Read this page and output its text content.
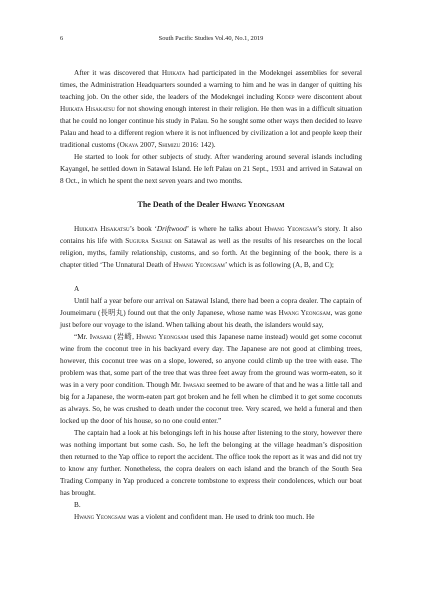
6	South Pacific Studies Vol.40, No.1, 2019

After it was discovered that Hijikata had participated in the Modekngei assemblies for several times, the Administration Headquarters sounded a warning to him and he was in danger of quitting his teaching job. On the other side, the leaders of the Modekngei including Kodep were discontent about Hijikata Hisakatsu for not showing enough interest in their religion. He then was in a difficult situation that he could no longer continue his study in Palau. So he sought some other ways then decided to leave Palau and head to a different region where it is not influenced by civilization a lot and people keep their traditional customs (Okaya 2007, Shimizu 2016: 142).

He started to look for other subjects of study. After wandering around several islands including Kayangel, he settled down in Satawal Island. He left Palau on 21 Sept., 1931 and arrived in Satawal on 8 Oct., in which he spent the next seven years and two months.

The Death of the Dealer Hwang Yeongsam

Hijikata Hisakatsu’s book ‘Driftwood’ is where he talks about Hwang Yeongsam’s story. It also contains his life with Sugiura Sasuke on Satawal as well as the results of his researches on the local religion, myths, family relationship, customs, and so forth. At the beginning of the book, there is a chapter titled ‘The Unnatural Death of Hwang Yeongsam’ which is as following (A, B, and C);

A

Until half a year before our arrival on Satawal Island, there had been a copra dealer. The captain of Joumeimaru (長明丸) found out that the only Japanese, whose name was Hwang Yeongsam, was gone just before our voyage to the island. When talking about his death, the islanders would say,

“Mr. Iwasaki (岩崎, Hwang Yeongsam used this Japanese name instead) would get some coconut wine from the coconut tree in his backyard every day. The Japanese are not good at climbing trees, however, this coconut tree was on a slope, lowered, so anyone could climb up the tree with ease. The problem was that, some part of the tree that was three feet away from the ground was worm-eaten, so it was in a very poor condition. Though Mr. Iwasaki seemed to be aware of that and he was a little tall and big for a Japanese, the worm-eaten part got broken and he fell when he climbed it to get some coconuts as always. So, he was crushed to death under the coconut tree. Very scared, we held a funeral and then locked up the door of his house, so no one could enter.”

The captain had a look at his belongings left in his house after listening to the story, however there was nothing important but some cash. So, he left the belonging at the village headman’s disposition then returned to the Yap office to report the accident. The office took the report as it was and did not try to know any further. Nonetheless, the copra dealers on each island and the branch of the South Sea Trading Company in Yap produced a concrete tombstone to express their condolences, which our boat has brought.

B.

Hwang Yeongsam was a violent and confident man. He used to drink too much. He
